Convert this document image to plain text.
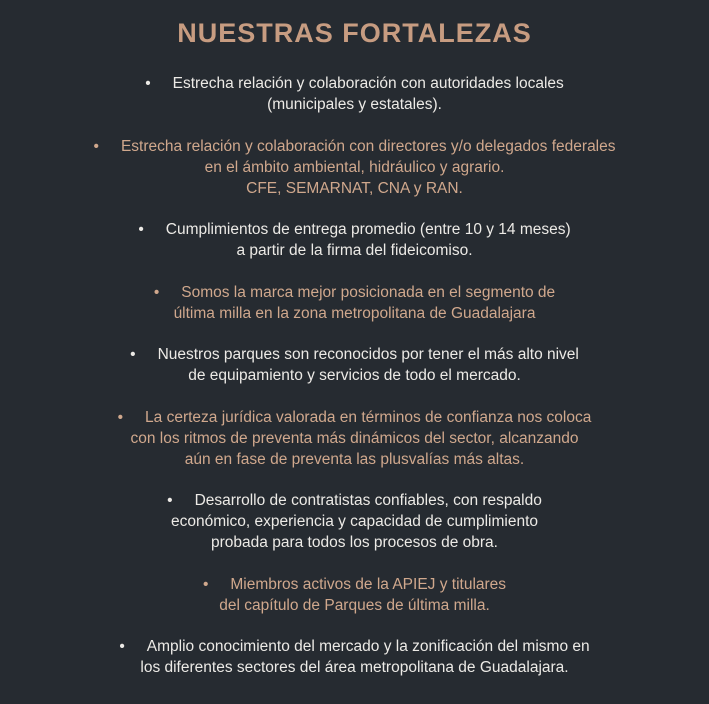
NUESTRAS FORTALEZAS
• Estrecha relación y colaboración con autoridades locales
(municipales y estatales).
• Estrecha relación y colaboración con directores y/o delegados federales
en el ámbito ambiental, hidráulico y agrario.
CFE, SEMARNAT, CNA y RAN.
• Cumplimientos de entrega promedio (entre 10 y 14 meses)
a partir de la firma del fideicomiso.
• Somos la marca mejor posicionada en el segmento de
última milla en la zona metropolitana de Guadalajara
• Nuestros parques son reconocidos por tener el más alto nivel
de equipamiento y servicios de todo el mercado.
• La certeza jurídica valorada en términos de confianza nos coloca
con los ritmos de preventa más dinámicos del sector, alcanzando
aún en fase de preventa las plusvalías más altas.
• Desarrollo de contratistas confiables, con respaldo
económico, experiencia y capacidad de cumplimiento
probada para todos los procesos de obra.
• Miembros activos de la APIEJ y titulares
del capítulo de Parques de última milla.
• Amplio conocimiento del mercado y la zonificación del mismo en
los diferentes sectores del área metropolitana de Guadalajara.
